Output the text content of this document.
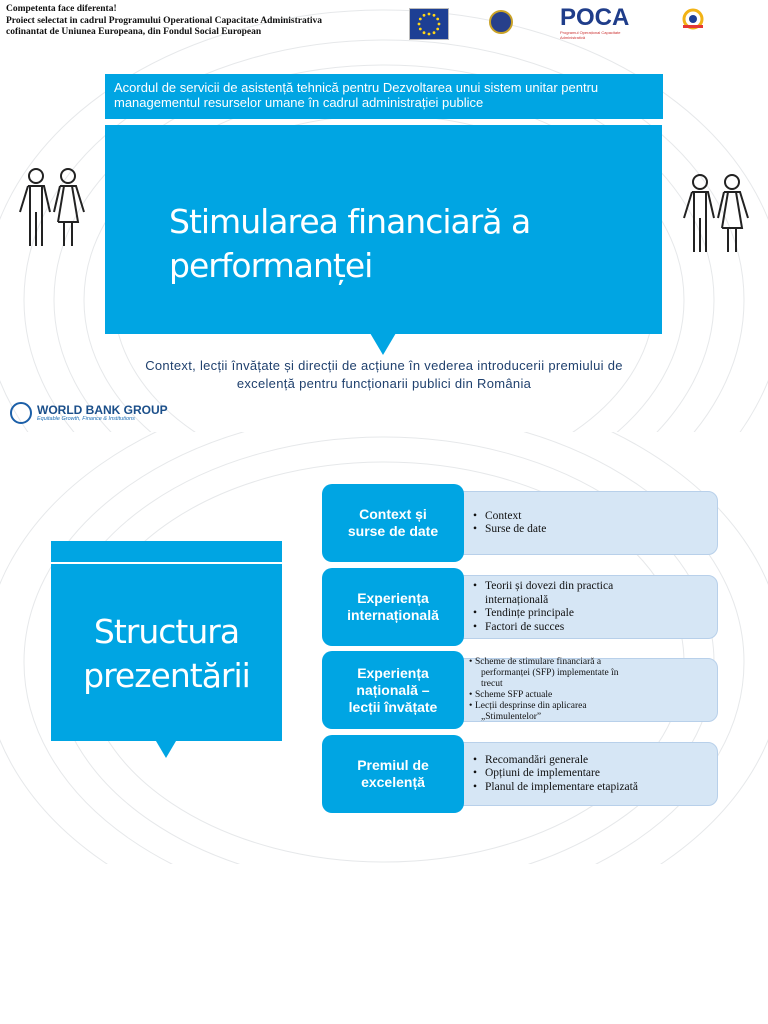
Competenta face diferenta!
Proiect selectat in cadrul Programului Operational Capacitate Administrativa
cofinantat de Uniunea Europeana, din Fondul Social European
POCA
Programul Operațional Capacitate Administrativă
Acordul de servicii de asistență tehnică pentru Dezvoltarea unui sistem unitar pentru managementul resurselor umane în cadrul administrației publice
Stimularea financiară a
performanței
Context, lecții învățate și direcții de acțiune în vederea introducerii premiului de
excelență pentru funcționarii publici din România
WORLD BANK GROUP
Equitable Growth, Finance & Institutions
Structura
prezentării
Context și
surse de date
• Context
• Surse de date
Experiența
internațională
• Teorii și dovezi din practica
internațională
• Tendințe principale
• Factori de succes
Experiența
națională –
lecții învățate
• Scheme de stimulare financiară a
performanței (SFP) implementate în
trecut
• Scheme SFP actuale
• Lecții desprinse din aplicarea
„Stimulentelor”
Premiul de
excelență
• Recomandări generale
• Opțiuni de implementare
• Planul de implementare etapizată
